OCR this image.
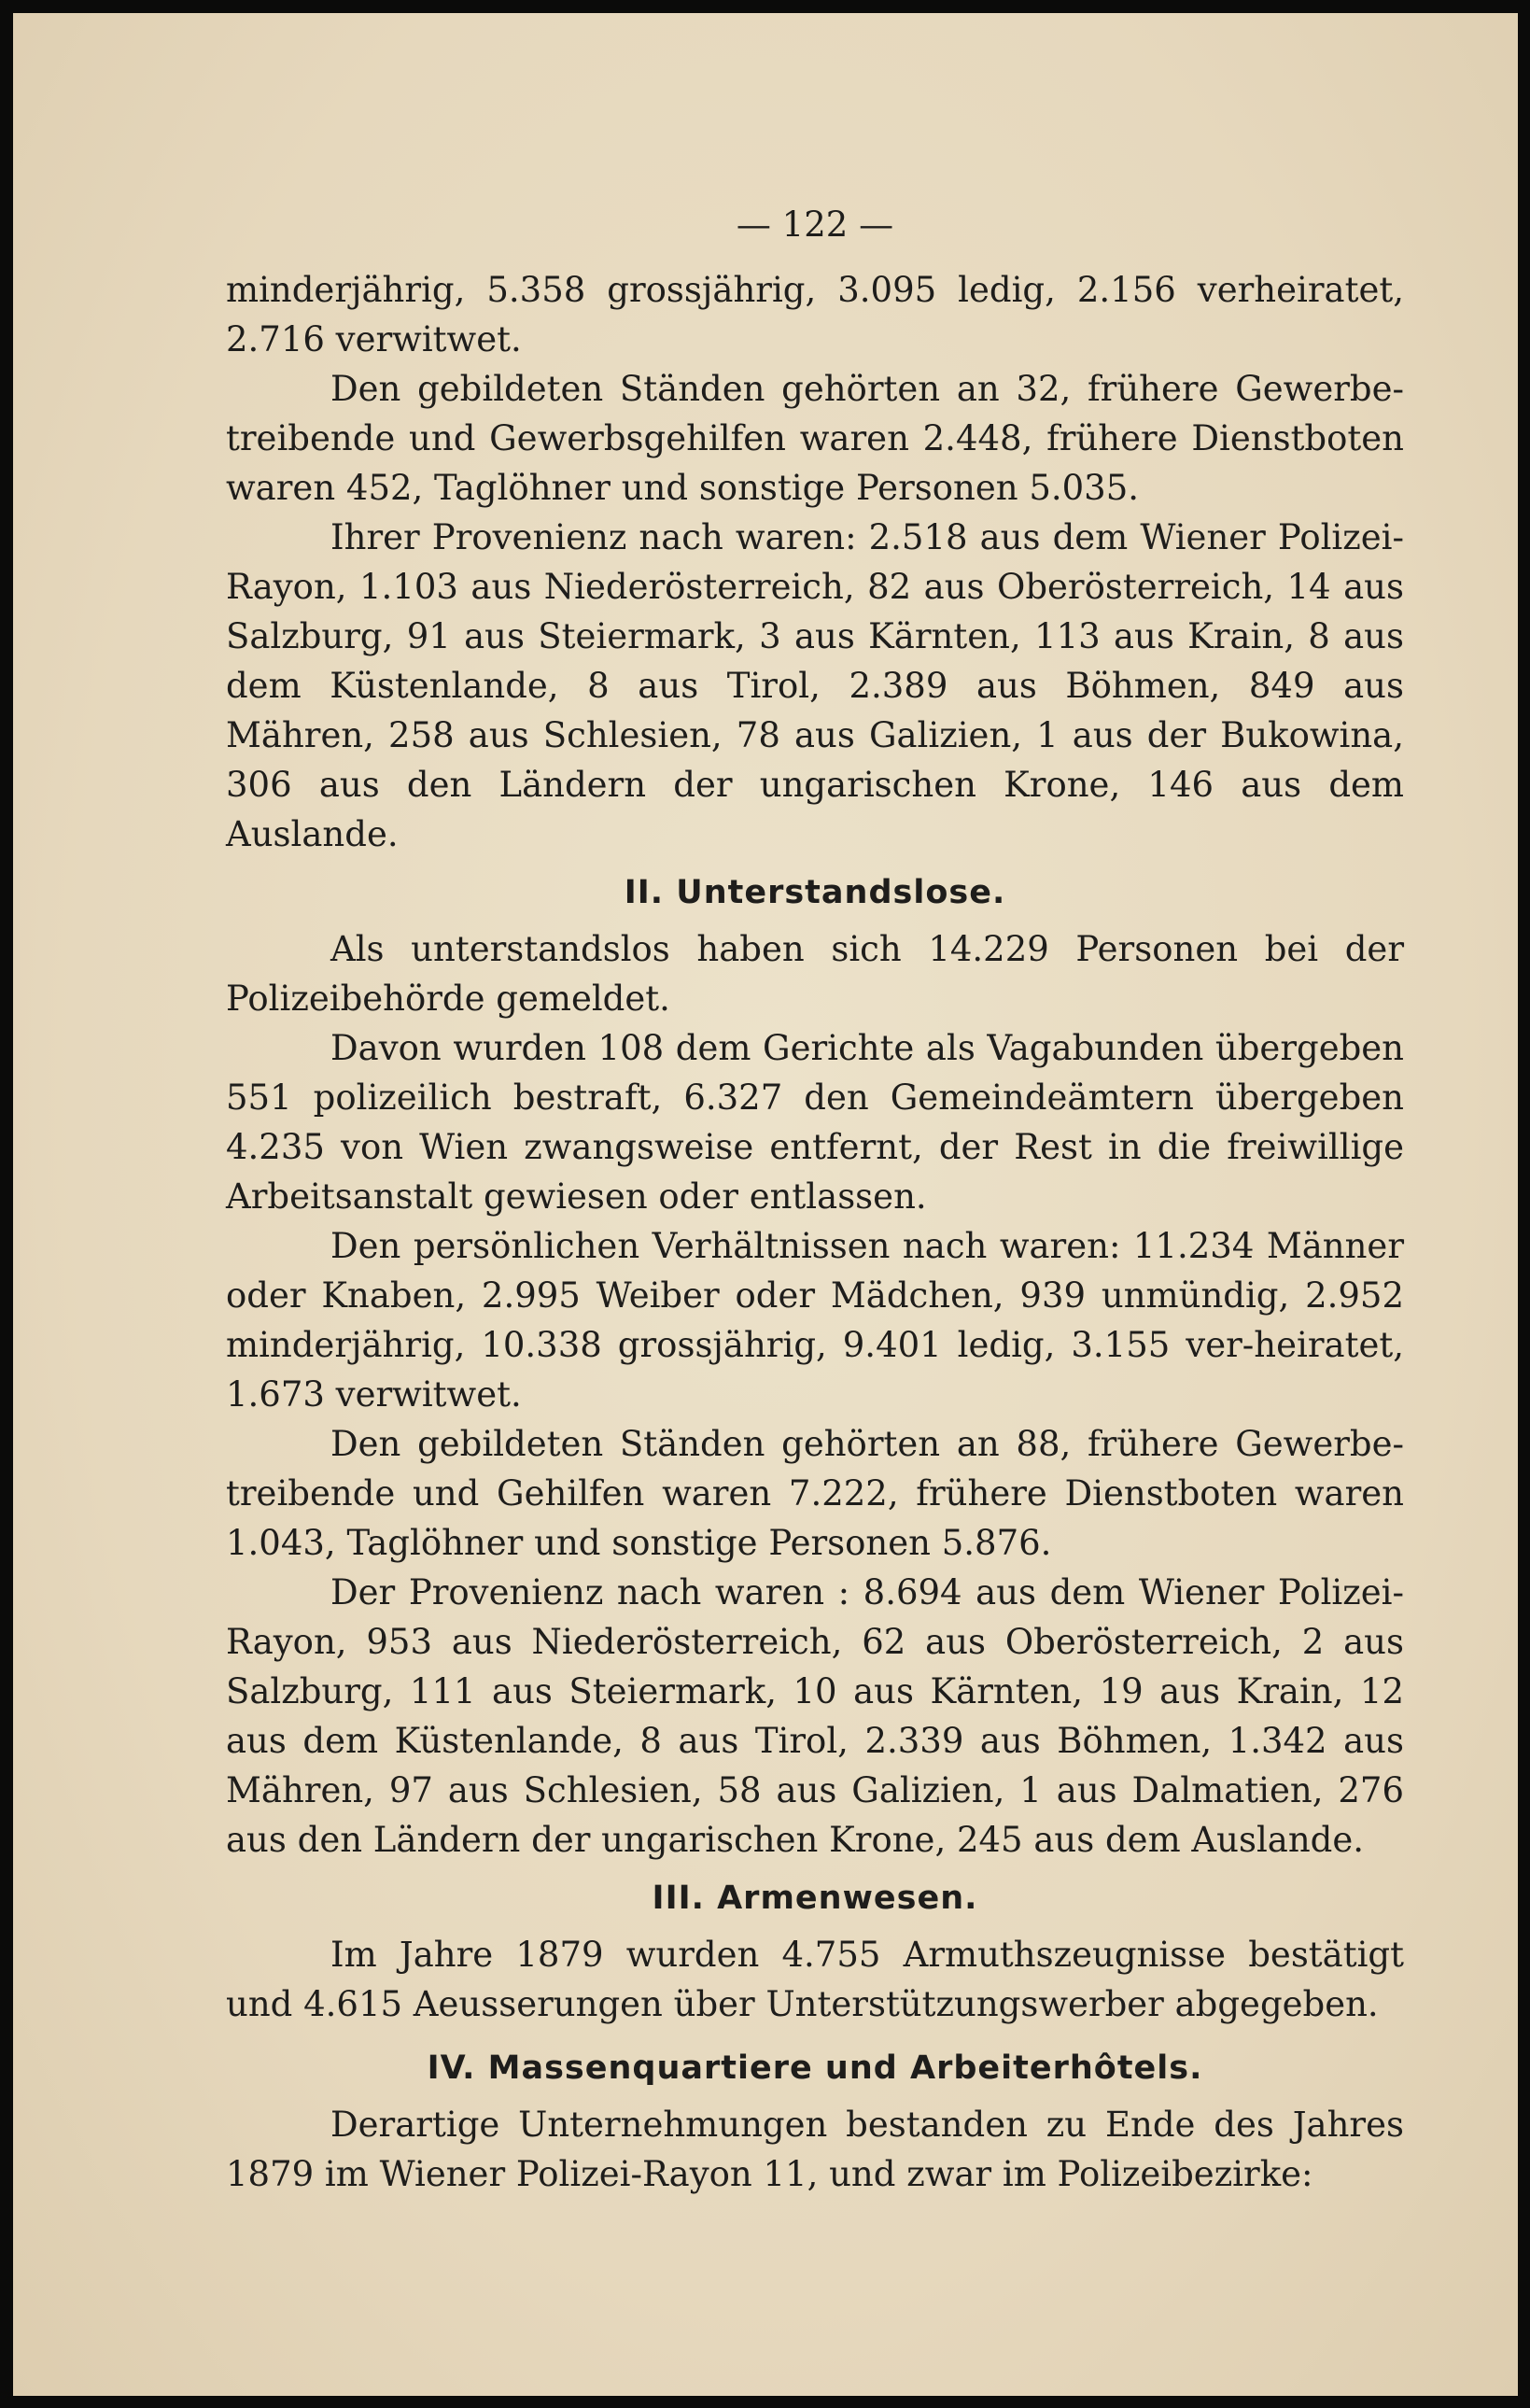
— 122 —

minderjährig, 5.358 grossjährig, 3.095 ledig, 2.156 verheiratet, 2.716 verwitwet.

Den gebildeten Ständen gehörten an 32, frühere Gewerbe-treibende und Gewerbsgehilfen waren 2.448, frühere Dienstboten waren 452, Taglöhner und sonstige Personen 5.035.

Ihrer Provenienz nach waren: 2.518 aus dem Wiener Polizei-Rayon, 1.103 aus Niederösterreich, 82 aus Oberösterreich, 14 aus Salzburg, 91 aus Steiermark, 3 aus Kärnten, 113 aus Krain, 8 aus dem Küstenlande, 8 aus Tirol, 2.389 aus Böhmen, 849 aus Mähren, 258 aus Schlesien, 78 aus Galizien, 1 aus der Bukowina, 306 aus den Ländern der ungarischen Krone, 146 aus dem Auslande.

II. Unterstandslose.

Als unterstandslos haben sich 14.229 Personen bei der Polizeibehörde gemeldet.

Davon wurden 108 dem Gerichte als Vagabunden übergeben 551 polizeilich bestraft, 6.327 den Gemeindeämtern übergeben 4.235 von Wien zwangsweise entfernt, der Rest in die freiwillige Arbeitsanstalt gewiesen oder entlassen.

Den persönlichen Verhältnissen nach waren: 11.234 Männer oder Knaben, 2.995 Weiber oder Mädchen, 939 unmündig, 2.952 minderjährig, 10.338 grossjährig, 9.401 ledig, 3.155 ver-heiratet, 1.673 verwitwet.

Den gebildeten Ständen gehörten an 88, frühere Gewerbe-treibende und Gehilfen waren 7.222, frühere Dienstboten waren 1.043, Taglöhner und sonstige Personen 5.876.

Der Provenienz nach waren : 8.694 aus dem Wiener Polizei-Rayon, 953 aus Niederösterreich, 62 aus Oberösterreich, 2 aus Salzburg, 111 aus Steiermark, 10 aus Kärnten, 19 aus Krain, 12 aus dem Küstenlande, 8 aus Tirol, 2.339 aus Böhmen, 1.342 aus Mähren, 97 aus Schlesien, 58 aus Galizien, 1 aus Dalmatien, 276 aus den Ländern der ungarischen Krone, 245 aus dem Auslande.

III. Armenwesen.

Im Jahre 1879 wurden 4.755 Armuthszeugnisse bestätigt und 4.615 Aeusserungen über Unterstützungswerber abgegeben.

IV. Massenquartiere und Arbeiterhôtels.

Derartige Unternehmungen bestanden zu Ende des Jahres 1879 im Wiener Polizei-Rayon 11, und zwar im Polizeibezirke:
